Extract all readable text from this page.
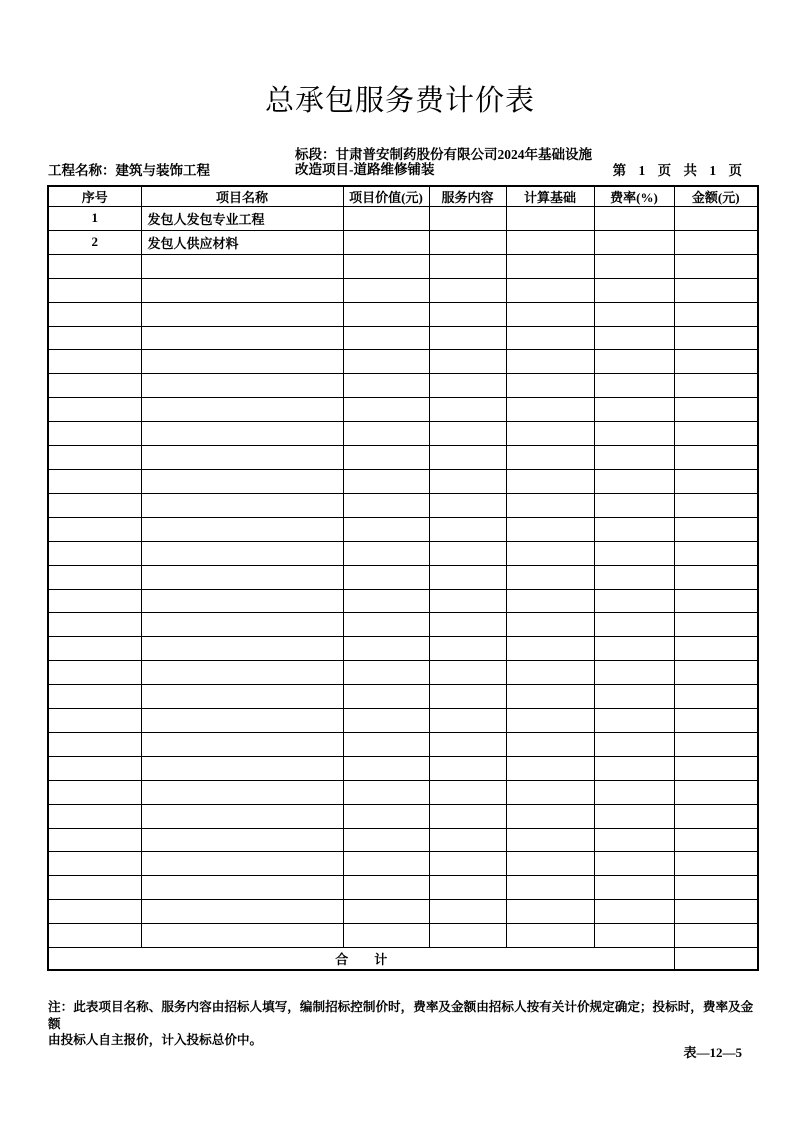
总承包服务费计价表
工程名称：建筑与装饰工程
标段：甘肃普安制药股份有限公司2024年基础设施
改造项目-道路维修铺装	第 1 页 共 1 页
序号	项目名称	项目价值(元)	服务内容	计算基础	费率(%)	金额(元)
1	发包人发包专业工程					
2	发包人供应材料					

合　　计						
注：此表项目名称、服务内容由招标人填写，编制招标控制价时，费率及金额由招标人按有关计价规定确定；投标时，费率及金额
由投标人自主报价，计入投标总价中。
表—12—5
